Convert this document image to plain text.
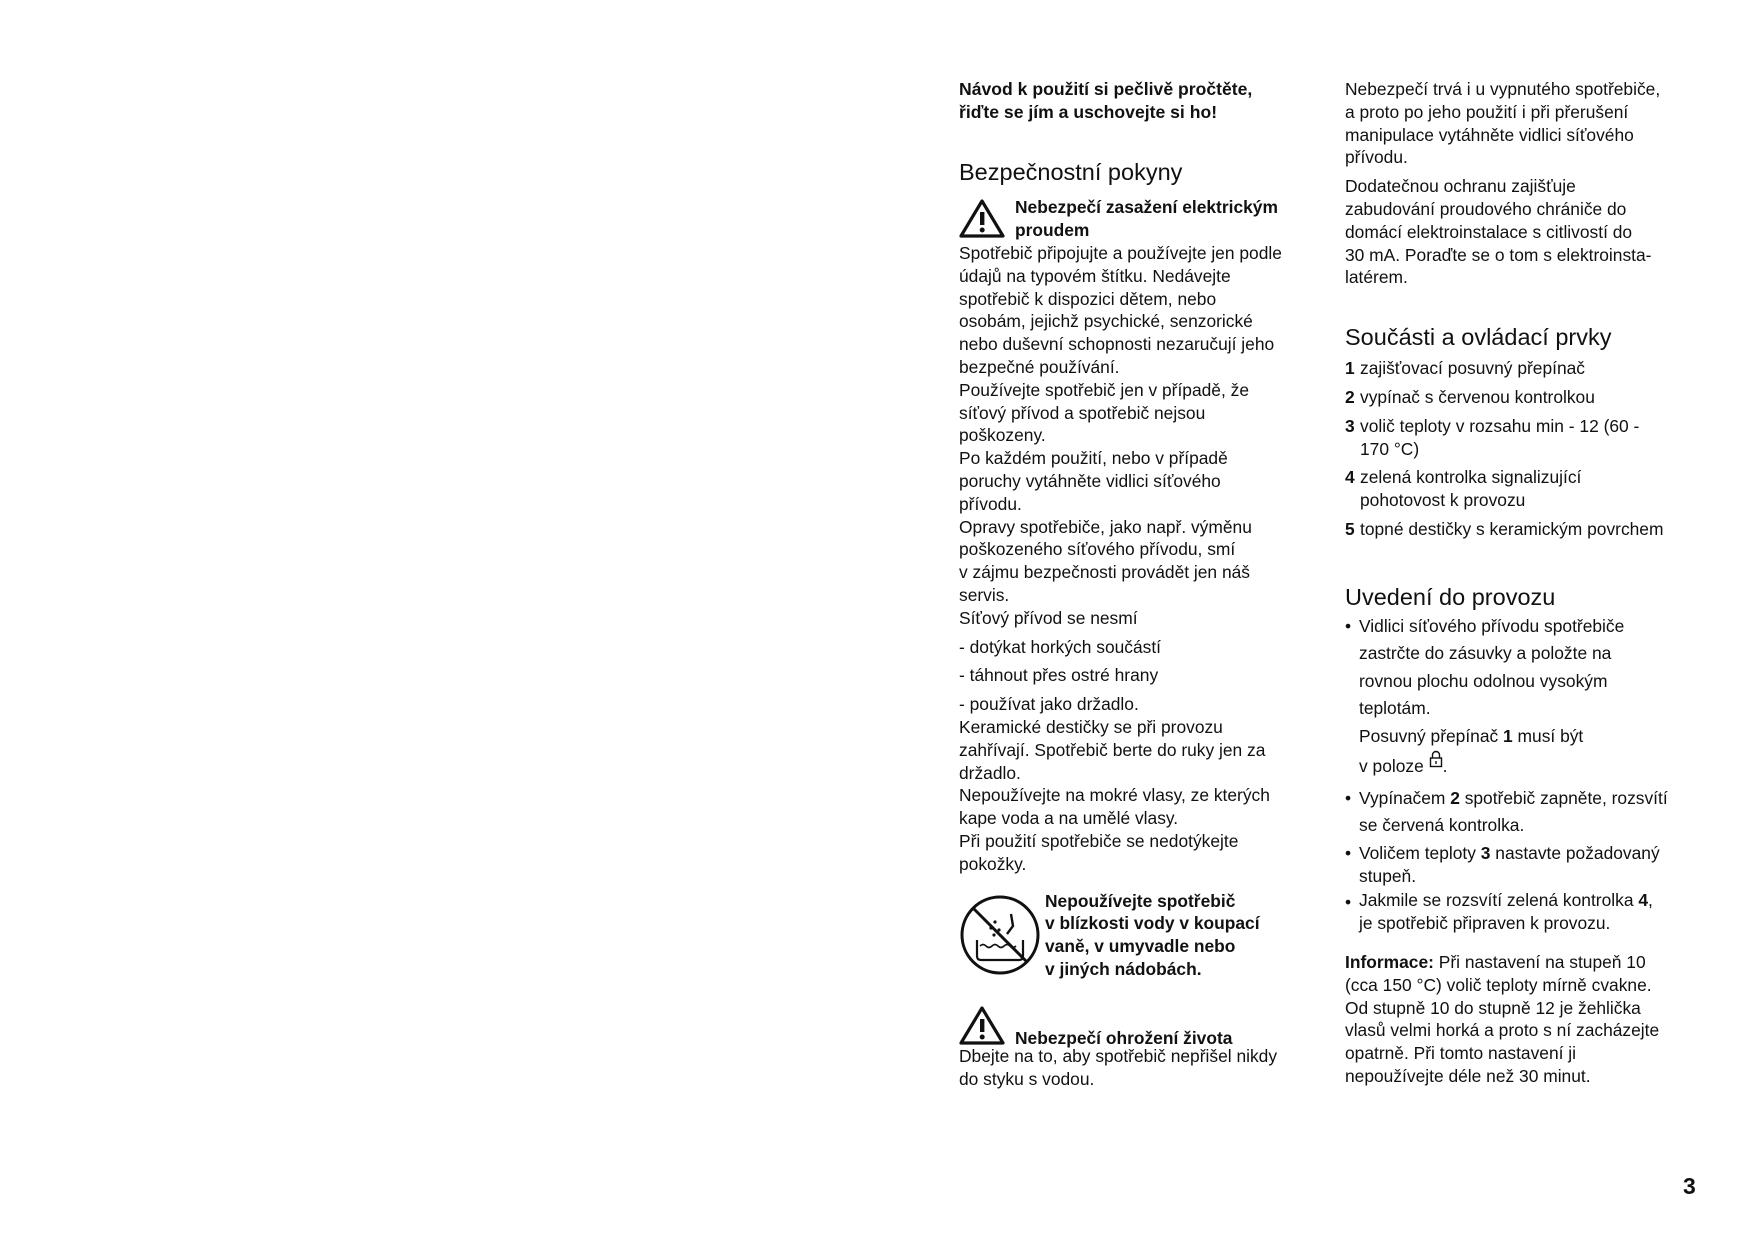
Návod k použití si pečlivě pročtěte,

řiďte se jím a uschovejte si ho!

Bezpečnostní pokyny
Nebezpečí zasažení elektrickým
proudem

Spotřebič připojujte a používejte jen podle

údajů na typovém štítku. Nedávejte

spotřebič k dispozici dětem, nebo

osobám, jejichž psychické, senzorické

nebo duševní schopnosti nezaručují jeho

bezpečné používání.

Používejte spotřebič jen v případě, že

síťový přívod a spotřebič nejsou

poškozeny.

Po každém použití, nebo v případě

poruchy vytáhněte vidlici síťového

přívodu.

Opravy spotřebiče, jako např. výměnu

poškozeného síťového přívodu, smí

v zájmu bezpečnosti provádět jen náš

servis.

Síťový přívod se nesmí

- dotýkat horkých součástí

- táhnout přes ostré hrany

- používat jako držadlo.

Keramické destičky se při provozu

zahřívají. Spotřebič berte do ruky jen za

držadlo.

Nepoužívejte na mokré vlasy, ze kterých

kape voda a na umělé vlasy.

Při použití spotřebiče se nedotýkejte

pokožky.

Nepoužívejte spotřebič
v blízkosti vody v koupací
vaně, v umyvadle nebo
v jiných nádobách.
Nebezpečí ohrožení života

Dbejte na to, aby spotřebič nepřišel nikdy

do styku s vodou.

Nebezpečí trvá i u vypnutého spotřebiče,

a proto po jeho použití i při přerušení

manipulace vytáhněte vidlici síťového

přívodu.

Dodatečnou ochranu zajišťuje

zabudování proudového chrániče do

domácí elektroinstalace s citlivostí do

30 mA. Poraďte se o tom s elektroinsta-

latérem.

Součásti a ovládací prvky

1 zajišťovací posuvný přepínač

2 vypínač s červenou kontrolkou

3 volič teploty v rozsahu min - 12 (60 -

170 °C)

4 zelená kontrolka signalizující

pohotovost k provozu

5 topné destičky s keramickým povrchem

Uvedení do provozu
• Vidlici síťového přívodu spotřebiče
zastrčte do zásuvky a položte na
rovnou plochu odolnou vysokým
teplotám.
Posuvný přepínač 1 musí být
v poloze .
• Vypínačem 2 spotřebič zapněte, rozsvítí
se červená kontrolka.
• Voličem teploty 3 nastavte požadovaný
stupeň.
• Jakmile se rozsvítí zelená kontrolka 4,
je spotřebič připraven k provozu.

Informace: Při nastavení na stupeň 10

(cca 150 °C) volič teploty mírně cvakne.

Od stupně 10 do stupně 12 je žehlička

vlasů velmi horká a proto s ní zacházejte

opatrně. Při tomto nastavení ji

nepoužívejte déle než 30 minut.

3
